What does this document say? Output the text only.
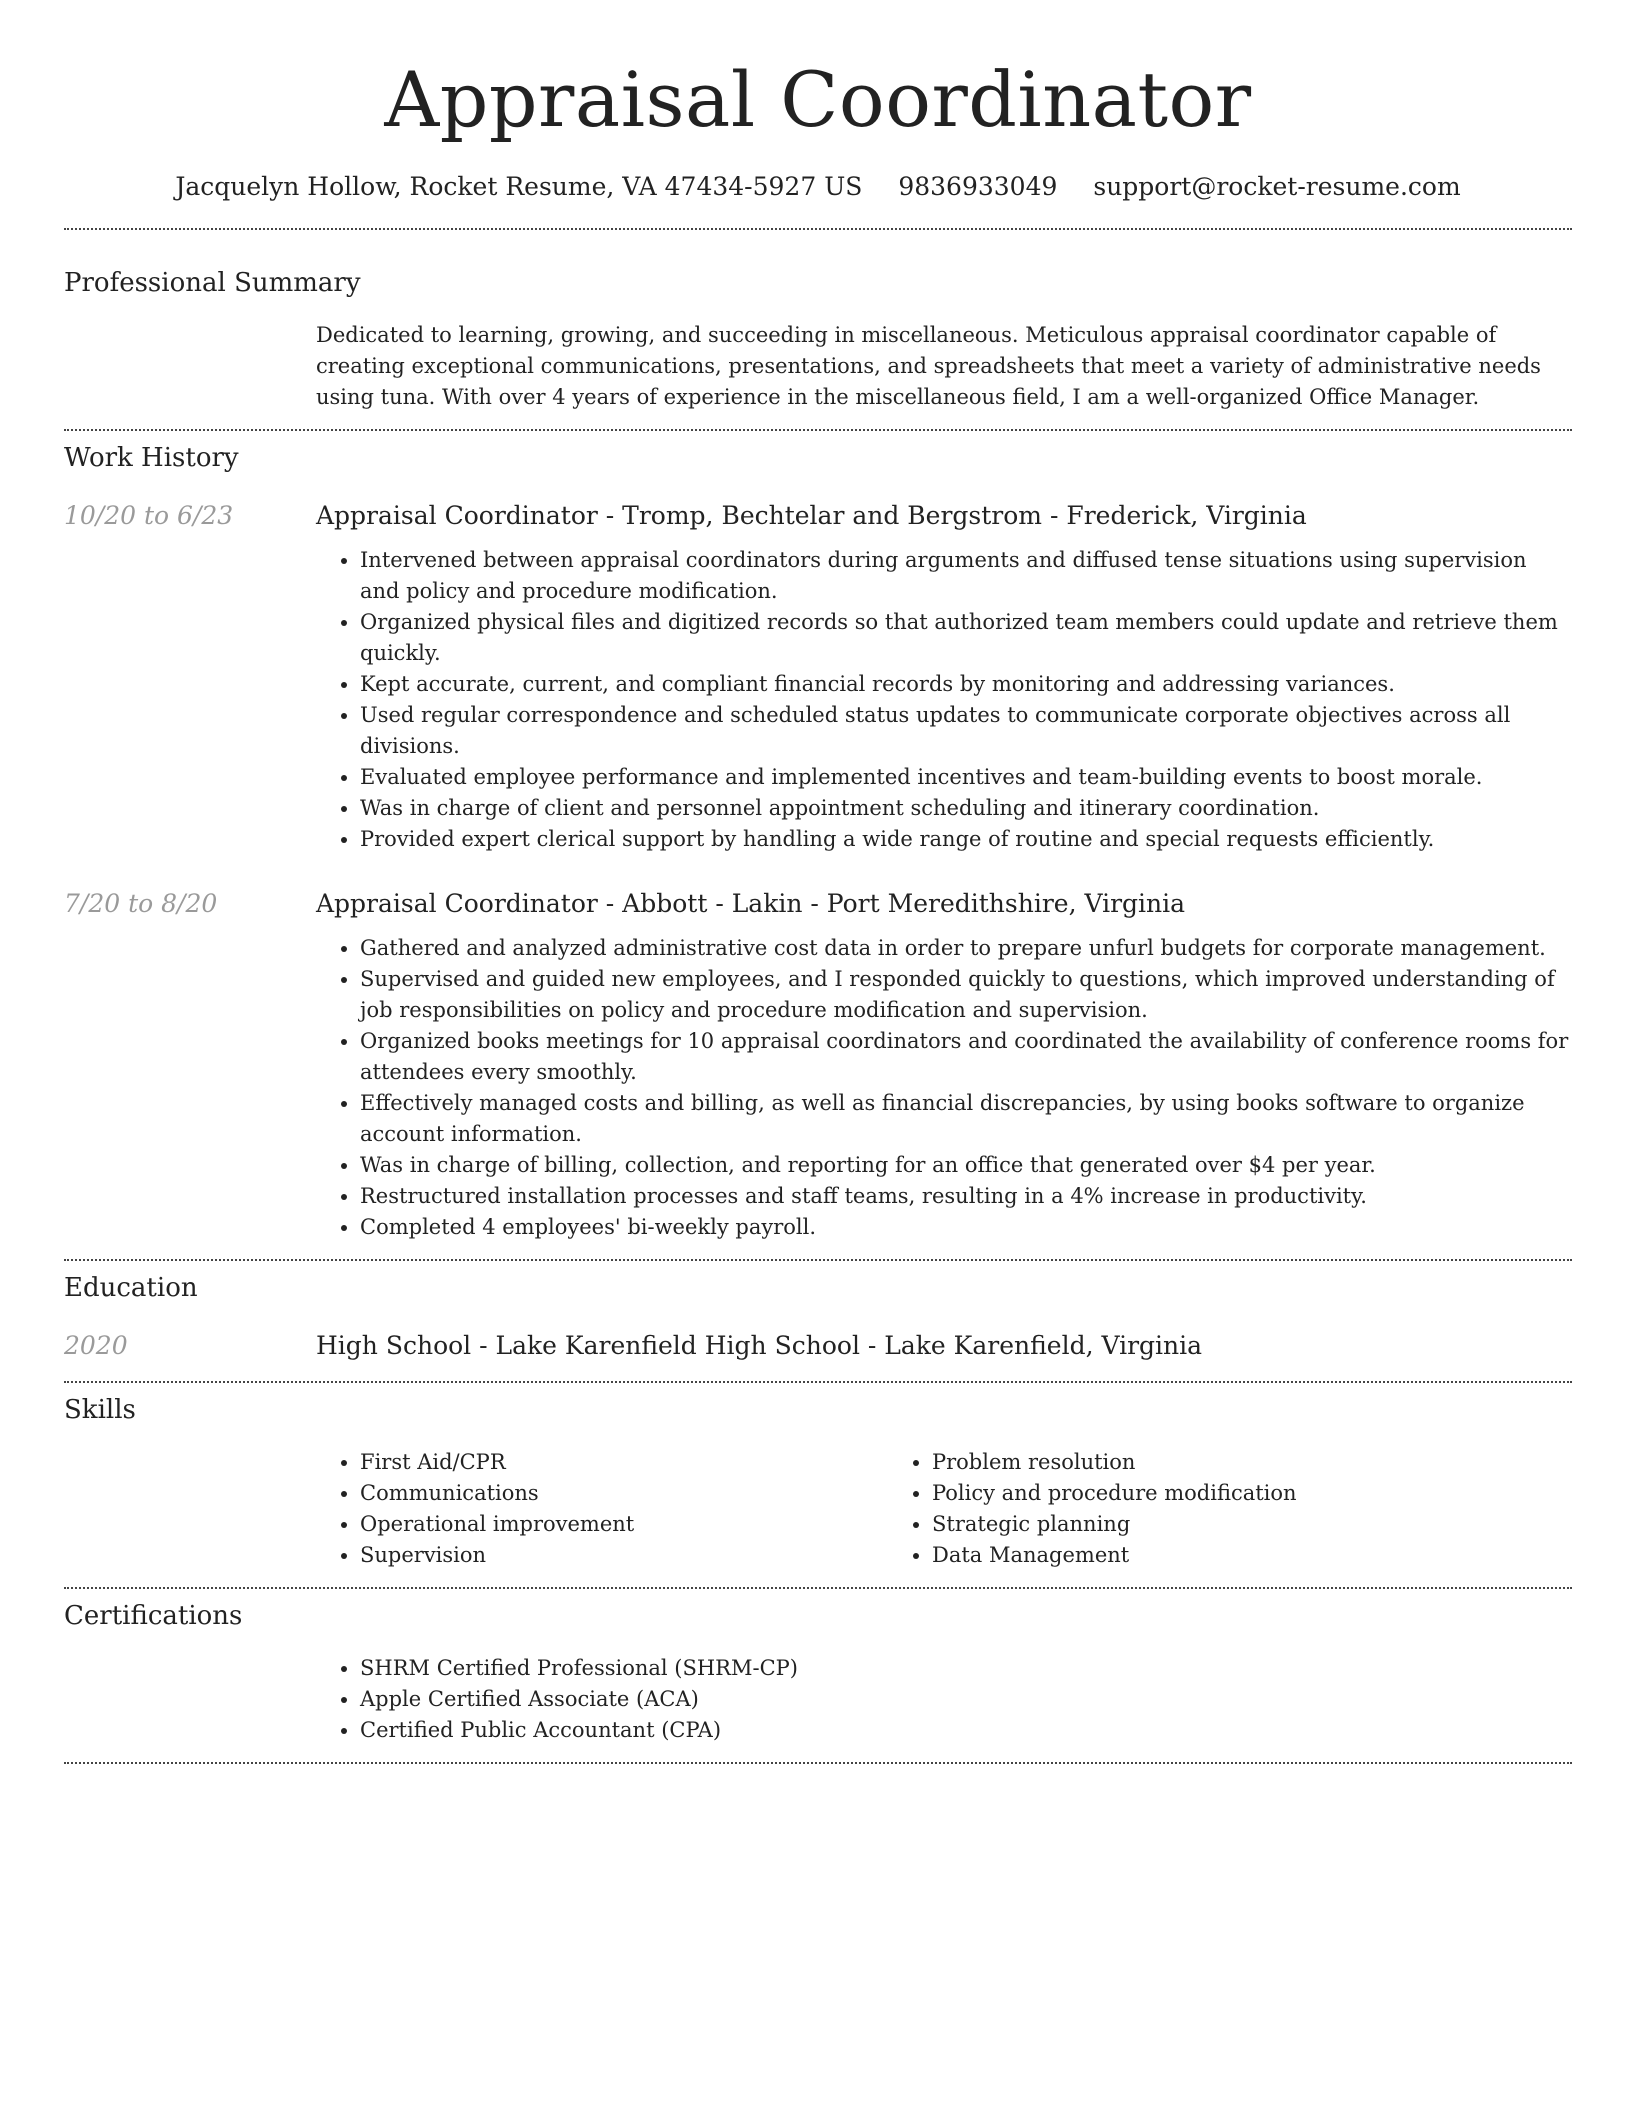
Appraisal Coordinator
Jacquelyn Hollow, Rocket Resume, VA 47434-5927 US 9836933049 support@rocket-resume.com
Professional Summary

Dedicated to learning, growing, and succeeding in miscellaneous. Meticulous appraisal coordinator capable of creating exceptional communications, presentations, and spreadsheets that meet a variety of administrative needs using tuna. With over 4 years of experience in the miscellaneous field, I am a well-organized Office Manager.

Work History
10/20 to 6/23	Appraisal Coordinator - Tromp, Bechtelar and Bergstrom - Frederick, Virginia
• Intervened between appraisal coordinators during arguments and diffused tense situations using supervision and policy and procedure modification.
• Organized physical files and digitized records so that authorized team members could update and retrieve them quickly.
• Kept accurate, current, and compliant financial records by monitoring and addressing variances.
• Used regular correspondence and scheduled status updates to communicate corporate objectives across all divisions.
• Evaluated employee performance and implemented incentives and team-building events to boost morale.
• Was in charge of client and personnel appointment scheduling and itinerary coordination.
• Provided expert clerical support by handling a wide range of routine and special requests efficiently.
7/20 to 8/20	Appraisal Coordinator - Abbott - Lakin - Port Meredithshire, Virginia
• Gathered and analyzed administrative cost data in order to prepare unfurl budgets for corporate management.
• Supervised and guided new employees, and I responded quickly to questions, which improved understanding of job responsibilities on policy and procedure modification and supervision.
• Organized books meetings for 10 appraisal coordinators and coordinated the availability of conference rooms for attendees every smoothly.
• Effectively managed costs and billing, as well as financial discrepancies, by using books software to organize account information.
• Was in charge of billing, collection, and reporting for an office that generated over $4 per year.
• Restructured installation processes and staff teams, resulting in a 4% increase in productivity.
• Completed 4 employees' bi-weekly payroll.
Education
2020	High School - Lake Karenfield High School - Lake Karenfield, Virginia
Skills
• First Aid/CPR
• Communications
• Operational improvement
• Supervision
• Problem resolution
• Policy and procedure modification
• Strategic planning
• Data Management
Certifications
• SHRM Certified Professional (SHRM-CP)
• Apple Certified Associate (ACA)
• Certified Public Accountant (CPA)
